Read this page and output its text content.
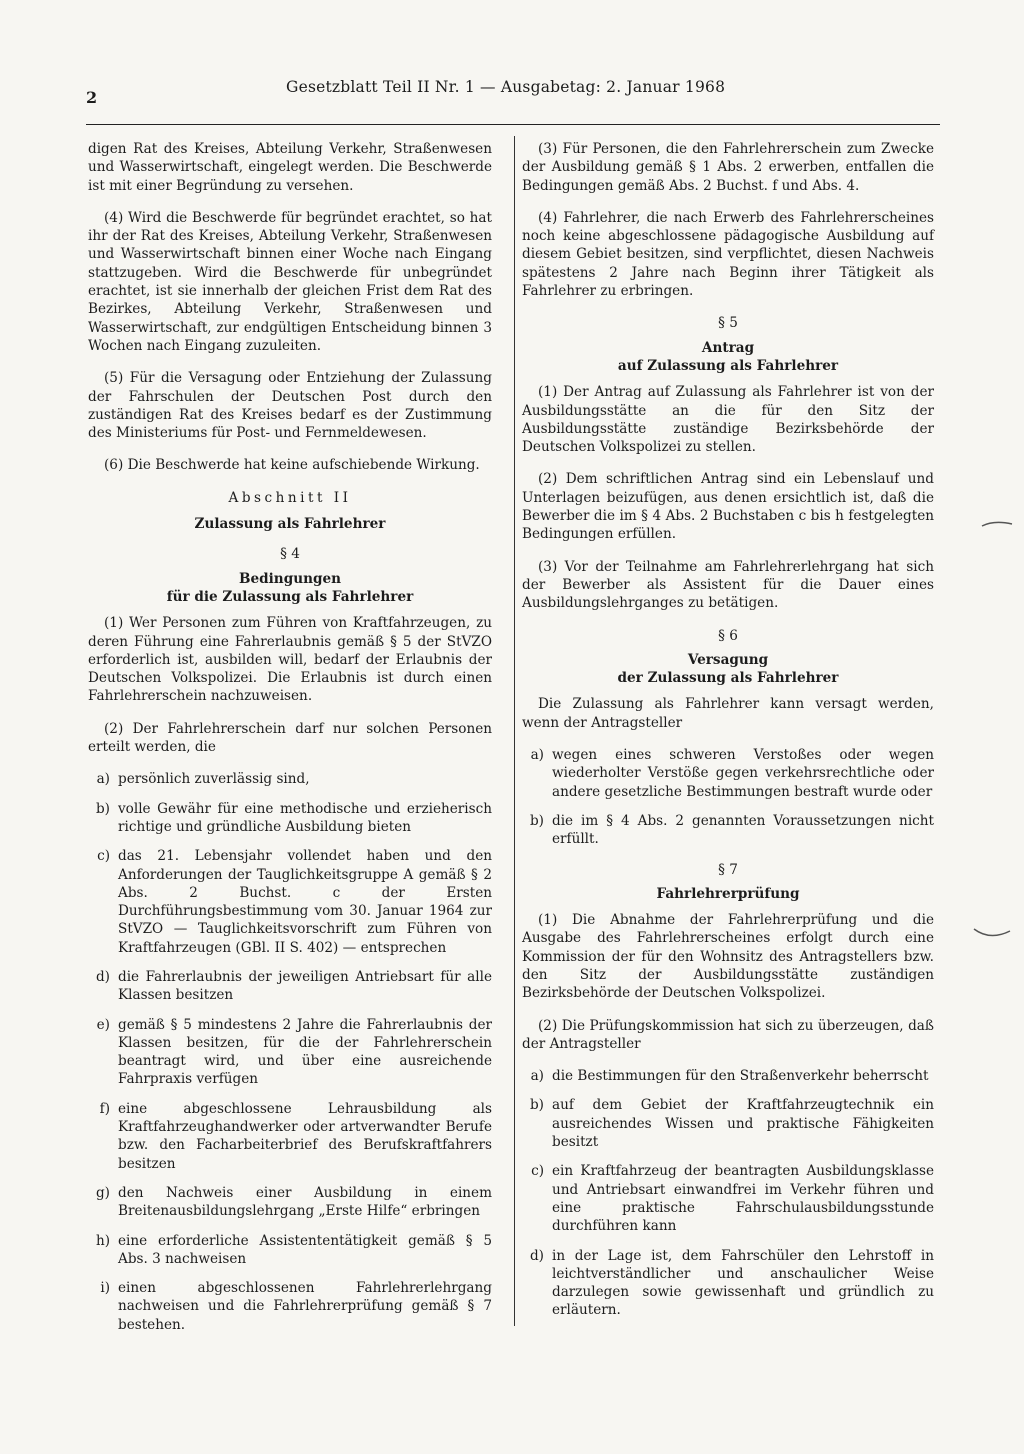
2
Gesetzblatt Teil II Nr. 1 — Ausgabetag: 2. Januar 1968

digen Rat des Kreises, Abteilung Verkehr, Straßenwesen und Wasserwirtschaft, eingelegt werden. Die Beschwerde ist mit einer Begründung zu versehen.

(4) Wird die Beschwerde für begründet erachtet, so hat ihr der Rat des Kreises, Abteilung Verkehr, Straßenwesen und Wasserwirtschaft binnen einer Woche nach Eingang stattzugeben. Wird die Beschwerde für unbegründet erachtet, ist sie innerhalb der gleichen Frist dem Rat des Bezirkes, Abteilung Verkehr, Straßenwesen und Wasserwirtschaft, zur endgültigen Entscheidung binnen 3 Wochen nach Eingang zuzuleiten.

(5) Für die Versagung oder Entziehung der Zulassung der Fahrschulen der Deutschen Post durch den zuständigen Rat des Kreises bedarf es der Zustimmung des Ministeriums für Post- und Fernmeldewesen.

(6) Die Beschwerde hat keine aufschiebende Wirkung.

Abschnitt II

Zulassung als Fahrlehrer

§ 4

Bedingungen

für die Zulassung als Fahrlehrer

(1) Wer Personen zum Führen von Kraftfahrzeugen, zu deren Führung eine Fahrerlaubnis gemäß § 5 der StVZO erforderlich ist, ausbilden will, bedarf der Erlaubnis der Deutschen Volkspolizei. Die Erlaubnis ist durch einen Fahrlehrerschein nachzuweisen.

(2) Der Fahrlehrerschein darf nur solchen Personen erteilt werden, die

a) persönlich zuverlässig sind,
b) volle Gewähr für eine methodische und erzieherisch richtige und gründliche Ausbildung bieten
c) das 21. Lebensjahr vollendet haben und den Anforderungen der Tauglichkeitsgruppe A gemäß § 2 Abs. 2 Buchst. c der Ersten Durchführungsbestimmung vom 30. Januar 1964 zur StVZO — Tauglichkeitsvorschrift zum Führen von Kraftfahrzeugen (GBl. II S. 402) — entsprechen
d) die Fahrerlaubnis der jeweiligen Antriebsart für alle Klassen besitzen
e) gemäß § 5 mindestens 2 Jahre die Fahrerlaubnis der Klassen besitzen, für die der Fahrlehrerschein beantragt wird, und über eine ausreichende Fahrpraxis verfügen
f) eine abgeschlossene Lehrausbildung als Kraftfahrzeughandwerker oder artverwandter Berufe bzw. den Facharbeiterbrief des Berufskraftfahrers besitzen
g) den Nachweis einer Ausbildung in einem Breitenausbildungslehrgang „Erste Hilfe“ erbringen
h) eine erforderliche Assistententätigkeit gemäß § 5 Abs. 3 nachweisen
i) einen abgeschlossenen Fahrlehrerlehrgang nachweisen und die Fahrlehrerprüfung gemäß § 7 bestehen.

(3) Für Personen, die den Fahrlehrerschein zum Zwecke der Ausbildung gemäß § 1 Abs. 2 erwerben, entfallen die Bedingungen gemäß Abs. 2 Buchst. f und Abs. 4.

(4) Fahrlehrer, die nach Erwerb des Fahrlehrerscheines noch keine abgeschlossene pädagogische Ausbildung auf diesem Gebiet besitzen, sind verpflichtet, diesen Nachweis spätestens 2 Jahre nach Beginn ihrer Tätigkeit als Fahrlehrer zu erbringen.

§ 5

Antrag

auf Zulassung als Fahrlehrer

(1) Der Antrag auf Zulassung als Fahrlehrer ist von der Ausbildungsstätte an die für den Sitz der Ausbildungsstätte zuständige Bezirksbehörde der Deutschen Volkspolizei zu stellen.

(2) Dem schriftlichen Antrag sind ein Lebenslauf und Unterlagen beizufügen, aus denen ersichtlich ist, daß die Bewerber die im § 4 Abs. 2 Buchstaben c bis h festgelegten Bedingungen erfüllen.

(3) Vor der Teilnahme am Fahrlehrerlehrgang hat sich der Bewerber als Assistent für die Dauer eines Ausbildungslehrganges zu betätigen.

§ 6

Versagung

der Zulassung als Fahrlehrer

Die Zulassung als Fahrlehrer kann versagt werden, wenn der Antragsteller

a) wegen eines schweren Verstoßes oder wegen wiederholter Verstöße gegen verkehrsrechtliche oder andere gesetzliche Bestimmungen bestraft wurde oder
b) die im § 4 Abs. 2 genannten Voraussetzungen nicht erfüllt.
§ 7

Fahrlehrerprüfung

(1) Die Abnahme der Fahrlehrerprüfung und die Ausgabe des Fahrlehrerscheines erfolgt durch eine Kommission der für den Wohnsitz des Antragstellers bzw. den Sitz der Ausbildungsstätte zuständigen Bezirksbehörde der Deutschen Volkspolizei.

(2) Die Prüfungskommission hat sich zu überzeugen, daß der Antragsteller

a) die Bestimmungen für den Straßenverkehr beherrscht
b) auf dem Gebiet der Kraftfahrzeugtechnik ein ausreichendes Wissen und praktische Fähigkeiten besitzt
c) ein Kraftfahrzeug der beantragten Ausbildungsklasse und Antriebsart einwandfrei im Verkehr führen und eine praktische Fahrschulausbildungsstunde durchführen kann
d) in der Lage ist, dem Fahrschüler den Lehrstoff in leichtverständlicher und anschaulicher Weise darzulegen sowie gewissenhaft und gründlich zu erläutern.
